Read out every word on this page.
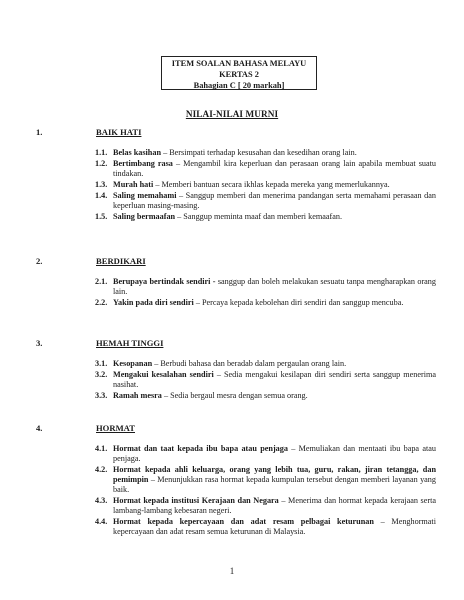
ITEM SOALAN BAHASA MELAYU
KERTAS 2
Bahagian C [ 20 markah]
NILAI-NILAI MURNI
1.	BAIK HATI
1.1. Belas kasihan – Bersimpati terhadap kesusahan dan kesedihan orang lain.
1.2. Bertimbang rasa – Mengambil kira keperluan dan perasaan orang lain apabila membuat suatu tindakan.
1.3. Murah hati – Memberi bantuan secara ikhlas kepada mereka yang memerlukannya.
1.4. Saling memahami – Sanggup memberi dan menerima pandangan serta memahami perasaan dan keperluan masing-masing.
1.5. Saling bermaafan – Sanggup meminta maaf dan memberi kemaafan.
2.	BERDIKARI
2.1. Berupaya bertindak sendiri - sanggup dan boleh melakukan sesuatu tanpa mengharapkan orang lain.
2.2. Yakin pada diri sendiri – Percaya kepada kebolehan diri sendiri dan sanggup mencuba.
3.	HEMAH TINGGI
3.1. Kesopanan – Berbudi bahasa dan beradab dalam pergaulan orang lain.
3.2. Mengakui kesalahan sendiri – Sedia mengakui kesilapan diri sendiri serta sanggup menerima nasihat.
3.3. Ramah mesra – Sedia bergaul mesra dengan semua orang.
4.	HORMAT
4.1. Hormat dan taat kepada ibu bapa atau penjaga – Memuliakan dan mentaati ibu bapa atau penjaga.
4.2. Hormat kepada ahli keluarga, orang yang lebih tua, guru, rakan, jiran tetangga, dan pemimpin – Menunjukkan rasa hormat kepada kumpulan tersebut dengan memberi layanan yang baik.
4.3. Hormat kepada institusi Kerajaan dan Negara – Menerima dan hormat kepada kerajaan serta lambang-lambang kebesaran negeri.
4.4. Hormat kepada kepercayaan dan adat resam pelbagai keturunan – Menghormati kepercayaan dan adat resam semua keturunan di Malaysia.
1
